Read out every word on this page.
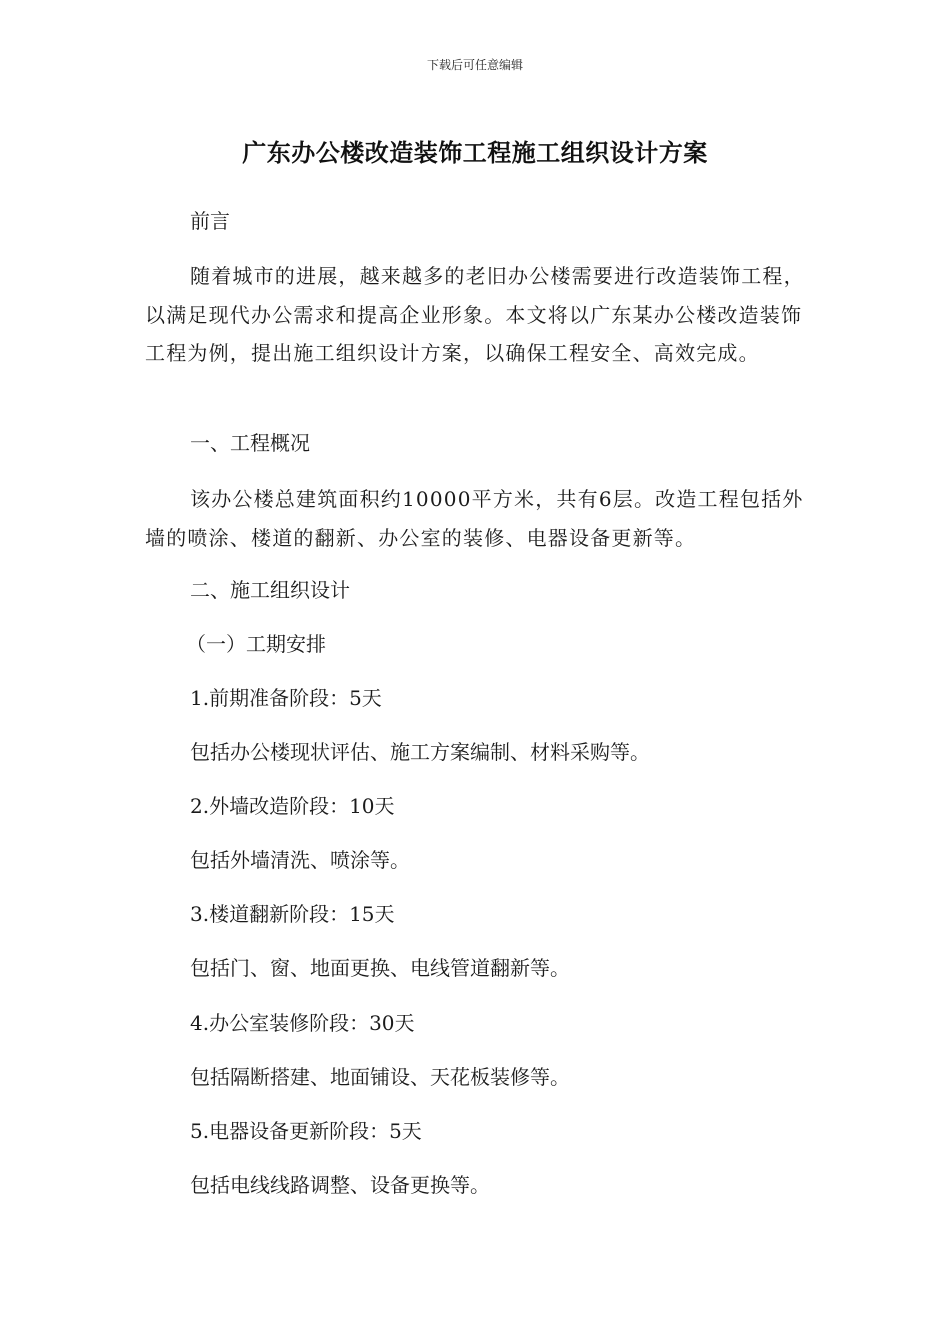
下载后可任意编辑
广东办公楼改造装饰工程施工组织设计方案
前言
随着城市的进展，越来越多的老旧办公楼需要进行改造装饰工程，以满足现代办公需求和提高企业形象。本文将以广东某办公楼改造装饰工程为例，提出施工组织设计方案，以确保工程安全、高效完成。
一、工程概况
该办公楼总建筑面积约10000平方米，共有6层。改造工程包括外墙的喷涂、楼道的翻新、办公室的装修、电器设备更新等。
二、施工组织设计
（一）工期安排
1.前期准备阶段：5天
包括办公楼现状评估、施工方案编制、材料采购等。
2.外墙改造阶段：10天
包括外墙清洗、喷涂等。
3.楼道翻新阶段：15天
包括门、窗、地面更换、电线管道翻新等。
4.办公室装修阶段：30天
包括隔断搭建、地面铺设、天花板装修等。
5.电器设备更新阶段：5天
包括电线线路调整、设备更换等。
